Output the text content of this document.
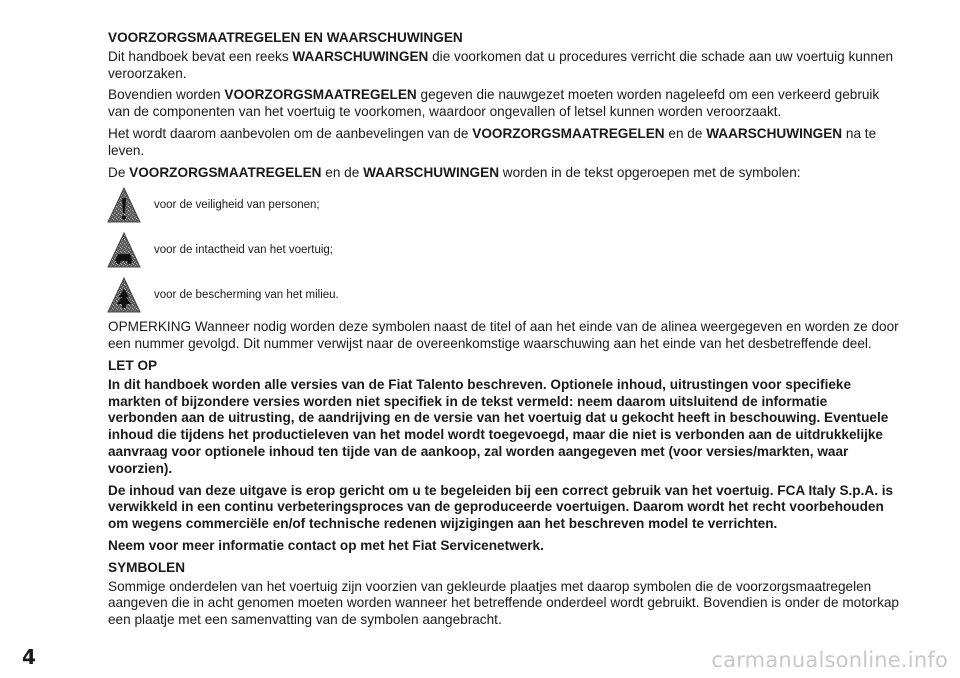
VOORZORGSMAATREGELEN EN WAARSCHUWINGEN

Dit handboek bevat een reeks WAARSCHUWINGEN die voorkomen dat u procedures verricht die schade aan uw voertuig kunnen veroorzaken.

Bovendien worden VOORZORGSMAATREGELEN gegeven die nauwgezet moeten worden nageleefd om een verkeerd gebruik van de componenten van het voertuig te voorkomen, waardoor ongevallen of letsel kunnen worden veroorzaakt.

Het wordt daarom aanbevolen om de aanbevelingen van de VOORZORGSMAATREGELEN en de WAARSCHUWINGEN na te leven.

De VOORZORGSMAATREGELEN en de WAARSCHUWINGEN worden in de tekst opgeroepen met de symbolen:

voor de veiligheid van personen;
voor de intactheid van het voertuig;
voor de bescherming van het milieu.

OPMERKING Wanneer nodig worden deze symbolen naast de titel of aan het einde van de alinea weergegeven en worden ze door een nummer gevolgd. Dit nummer verwijst naar de overeenkomstige waarschuwing aan het einde van het desbetreffende deel.

LET OP

In dit handboek worden alle versies van de Fiat Talento beschreven. Optionele inhoud, uitrustingen voor specifieke markten of bijzondere versies worden niet specifiek in de tekst vermeld: neem daarom uitsluitend de informatie verbonden aan de uitrusting, de aandrijving en de versie van het voertuig dat u gekocht heeft in beschouwing. Eventuele inhoud die tijdens het productieleven van het model wordt toegevoegd, maar die niet is verbonden aan de uitdrukkelijke aanvraag voor optionele inhoud ten tijde van de aankoop, zal worden aangegeven met (voor versies/markten, waar voorzien).

De inhoud van deze uitgave is erop gericht om u te begeleiden bij een correct gebruik van het voertuig. FCA Italy S.p.A. is verwikkeld in een continu verbeteringsproces van de geproduceerde voertuigen. Daarom wordt het recht voorbehouden om wegens commerciële en/of technische redenen wijzigingen aan het beschreven model te verrichten.

Neem voor meer informatie contact op met het Fiat Servicenetwerk.

SYMBOLEN

Sommige onderdelen van het voertuig zijn voorzien van gekleurde plaatjes met daarop symbolen die de voorzorgsmaatregelen aangeven die in acht genomen moeten worden wanneer het betreffende onderdeel wordt gebruikt. Bovendien is onder de motorkap een plaatje met een samenvatting van de symbolen aangebracht.

4	carmanualsonline.info
